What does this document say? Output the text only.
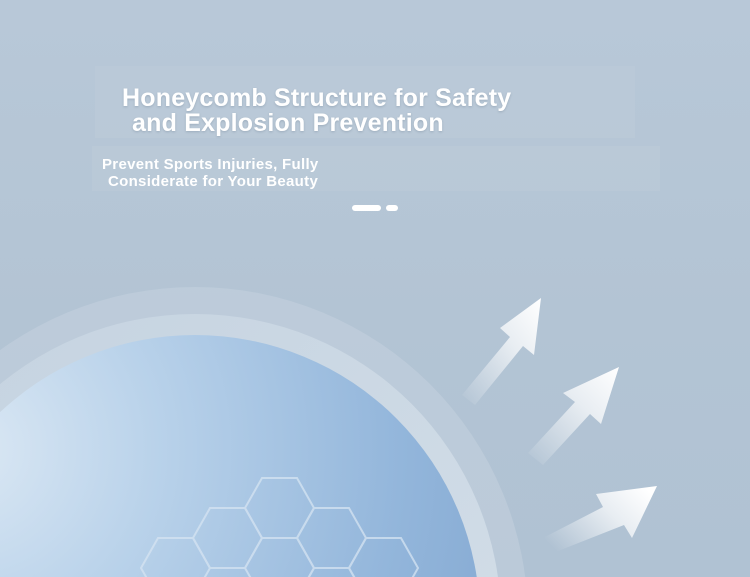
Honeycomb Structure for Safety
and Explosion Prevention
Prevent Sports Injuries, Fully
Considerate for Your Beauty
